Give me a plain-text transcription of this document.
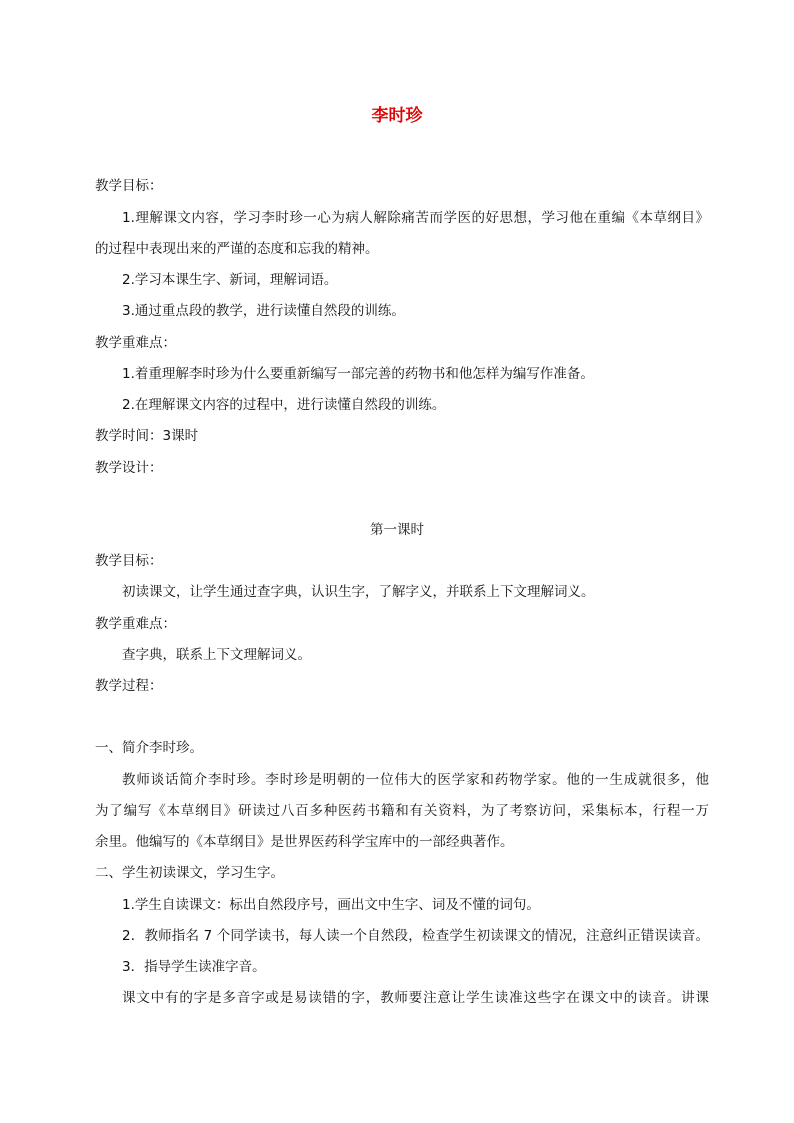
李时珍
教学目标：
1.理解课文内容，学习李时珍一心为病人解除痛苦而学医的好思想，学习他在重编《本草纲目》
的过程中表现出来的严谨的态度和忘我的精神。
2.学习本课生字、新词，理解词语。
3.通过重点段的教学，进行读懂自然段的训练。
教学重难点：
1.着重理解李时珍为什么要重新编写一部完善的药物书和他怎样为编写作准备。
2.在理解课文内容的过程中，进行读懂自然段的训练。
教学时间：3课时
教学设计：
第一课时
教学目标：
初读课文，让学生通过查字典，认识生字，了解字义，并联系上下文理解词义。
教学重难点：
查字典，联系上下文理解词义。
教学过程：
一、简介李时珍。
教师谈话简介李时珍。李时珍是明朝的一位伟大的医学家和药物学家。他的一生成就很多，他
为了编写《本草纲目》研读过八百多种医药书籍和有关资料，为了考察访问，采集标本，行程一万
余里。他编写的《本草纲目》是世界医药科学宝库中的一部经典著作。
二、学生初读课文，学习生字。
1.学生自读课文：标出自然段序号，画出文中生字、词及不懂的词句。
2．教师指名 7 个同学读书，每人读一个自然段，检查学生初读课文的情况，注意纠正错误读音。
3．指导学生读准字音。
课文中有的字是多音字或是易读错的字，教师要注意让学生读准这些字在课文中的读音。讲课
